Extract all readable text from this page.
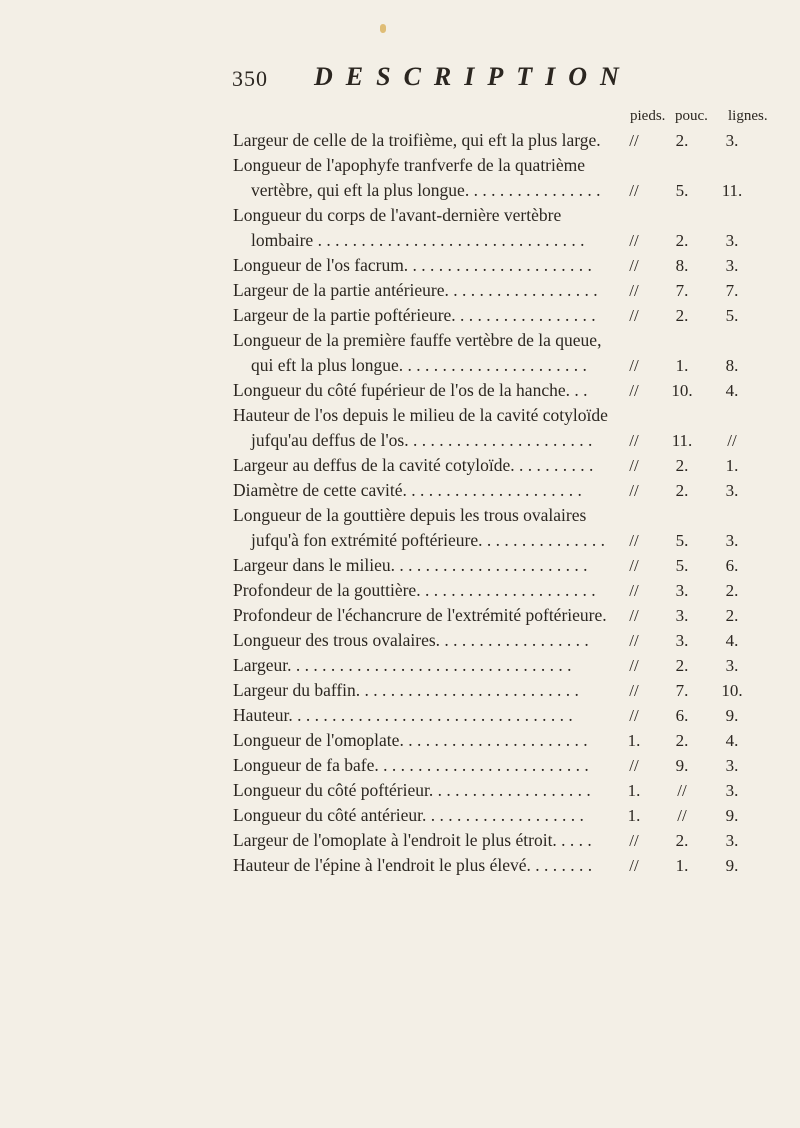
350 DESCRIPTION
pieds. pouc. lignes.
Largeur de celle de la troifième, qui eft la plus large.	//	2.	3.
Longueur de l'apophyfe tranfverfe de la quatrième
vertèbre, qui eft la plus longue. . . . . . . . . . . . . . . .	//	5.	11.
Longueur du corps de l'avant-dernière vertèbre
lombaire . . . . . . . . . . . . . . . . . . . . . . . . . . . . . . .	//	2.	3.
Longueur de l'os facrum. . . . . . . . . . . . . . . . . . . . . .	//	8.	3.
Largeur de la partie antérieure. . . . . . . . . . . . . . . . . .	//	7.	7.
Largeur de la partie poftérieure. . . . . . . . . . . . . . . . .	//	2.	5.
Longueur de la première fauffe vertèbre de la queue,
qui eft la plus longue. . . . . . . . . . . . . . . . . . . . . .	//	1.	8.
Longueur du côté fupérieur de l'os de la hanche. . .	//	10.	4.
Hauteur de l'os depuis le milieu de la cavité cotyloïde
jufqu'au deffus de l'os. . . . . . . . . . . . . . . . . . . . . .	//	11.	//
Largeur au deffus de la cavité cotyloïde. . . . . . . . . .	//	2.	1.
Diamètre de cette cavité. . . . . . . . . . . . . . . . . . . . .	//	2.	3.
Longueur de la gouttière depuis les trous ovalaires
jufqu'à fon extrémité poftérieure. . . . . . . . . . . . . . .	//	5.	3.
Largeur dans le milieu. . . . . . . . . . . . . . . . . . . . . . .	//	5.	6.
Profondeur de la gouttière. . . . . . . . . . . . . . . . . . . . .	//	3.	2.
Profondeur de l'échancrure de l'extrémité poftérieure.	//	3.	2.
Longueur des trous ovalaires. . . . . . . . . . . . . . . . . .	//	3.	4.
Largeur. . . . . . . . . . . . . . . . . . . . . . . . . . . . . . . . .	//	2.	3.
Largeur du baffin. . . . . . . . . . . . . . . . . . . . . . . . . .	//	7.	10.
Hauteur. . . . . . . . . . . . . . . . . . . . . . . . . . . . . . . . .	//	6.	9.
Longueur de l'omoplate. . . . . . . . . . . . . . . . . . . . . .	1.	2.	4.
Longueur de fa bafe. . . . . . . . . . . . . . . . . . . . . . . . .	//	9.	3.
Longueur du côté poftérieur. . . . . . . . . . . . . . . . . . .	1.	//	3.
Longueur du côté antérieur. . . . . . . . . . . . . . . . . . .	1.	//	9.
Largeur de l'omoplate à l'endroit le plus étroit. . . . .	//	2.	3.
Hauteur de l'épine à l'endroit le plus élevé. . . . . . . .	//	1.	9.
